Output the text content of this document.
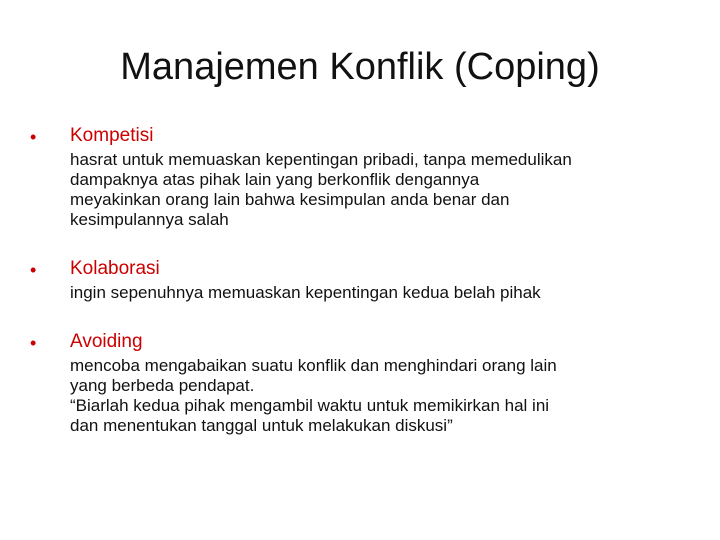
Manajemen Konflik (Coping)
• Kompetisi

hasrat untuk memuaskan kepentingan pribadi, tanpa memedulikan
dampaknya atas pihak lain yang berkonflik dengannya
meyakinkan orang lain bahwa kesimpulan anda benar dan
kesimpulannya salah

• Kolaborasi

ingin sepenuhnya memuaskan kepentingan kedua belah pihak

• Avoiding

mencoba mengabaikan suatu konflik dan menghindari orang lain
yang berbeda pendapat.
“Biarlah kedua pihak mengambil waktu untuk memikirkan hal ini
dan menentukan tanggal untuk melakukan diskusi”
